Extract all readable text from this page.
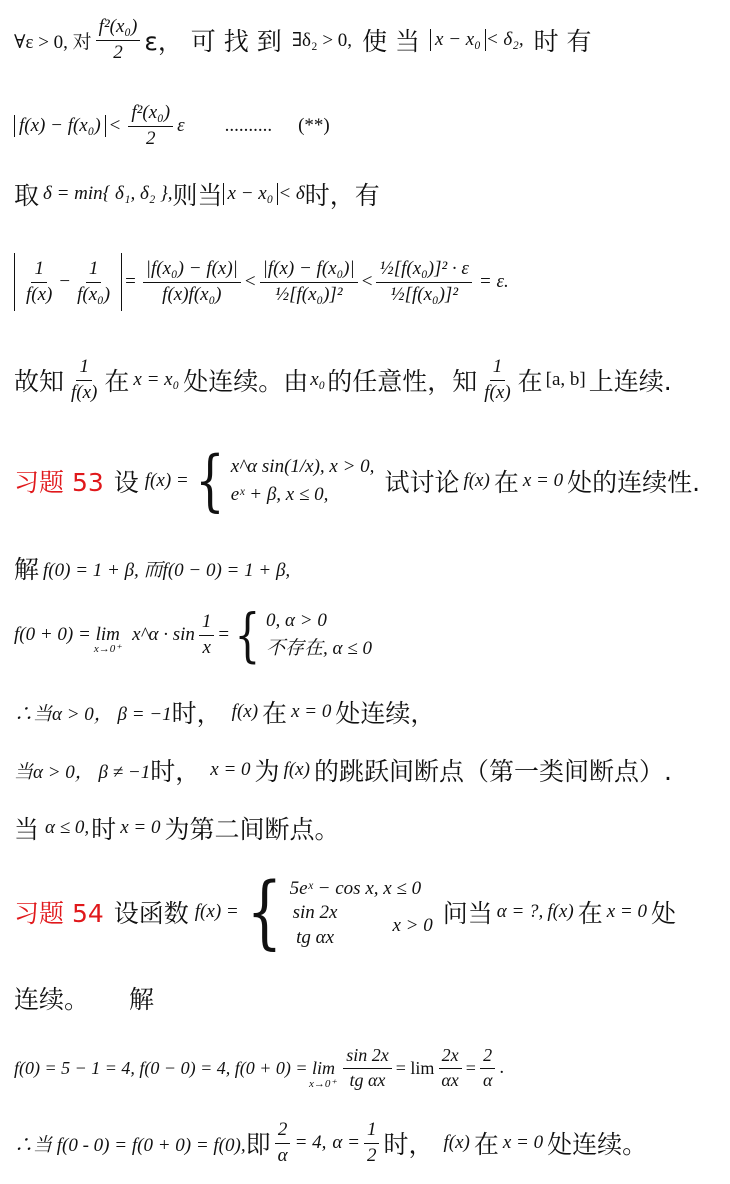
∀ε > 0, 对 $\frac{\text{f²(x₀)}}{2}$ ε， 可 找 到 ∃δ₂ > 0, 使 当 x − x₀ < δ₂, 时 有
$f(x) - f(x_0) < \frac{\text{f²(x₀)}}{2}$ ε .......... (**)
取 δ = min{ δ₁, δ₂ }, 则当 x − x₀ < δ 时，有
$\frac{1}{f(x)} - \frac{1}{\text{f(x₀)}} = \frac{\text{|f(x₀) − f(x)|}}{\text{f(x)f(x₀)}} < \frac{\text{|f(x) − f(x₀)|}}{\text{½[f(x₀)]²}} < \frac{\text{½[f(x₀)]² · ε}}{\text{½[f(x₀)]²}} = \varepsilon$.
故知 $\frac{1}{f(x)}$ 在 x = x₀ 处连续。由 x₀ 的任意性，知 $\frac{1}{f(x)}$ 在 [a, b] 上连续.
习题 53 设 f(x) = { x^α sin(1/x), x > 0,
eˣ + β, x ≤ 0,	试讨论 f(x) 在 x = 0 处的连续性.
解 f(0) = 1 + β, 而f(0 − 0) = 1 + β,
f(0 + 0) = lim
x→0⁺
x^α · $\sin \frac{1}{x}$ = { 0, α > 0
不存在, α ≤ 0
∴当α > 0， β = −1 时， f(x) 在 x = 0 处连续，
当α > 0， β ≠ −1 时， x = 0 为 f(x) 的跳跃间断点（第一类间断点）.
当 α ≤ 0, 时 x = 0 为第二间断点。
习题 54 设函数 f(x) = { 5eˣ − cos x, x ≤ 0
sin 2x
tg αx
x > 0 问当 α = ?, f(x) 在 x = 0 处
连续。 解
f(0) = 5 − 1 = 4, f(0 − 0) = 4, f(0 + 0) = lim
$x\to 0^+ \frac{\sin 2x}{\text{tg αx}} = \lim \frac{2x}{\alpha x} = \frac{2}{\alpha}$ .
∴当 f(0 - 0) = f(0 + 0) = f(0), 即 $\frac{2}{\alpha} = 4$, $\alpha = \frac{1}{2}$ 时， f(x) 在 x = 0 处连续。
